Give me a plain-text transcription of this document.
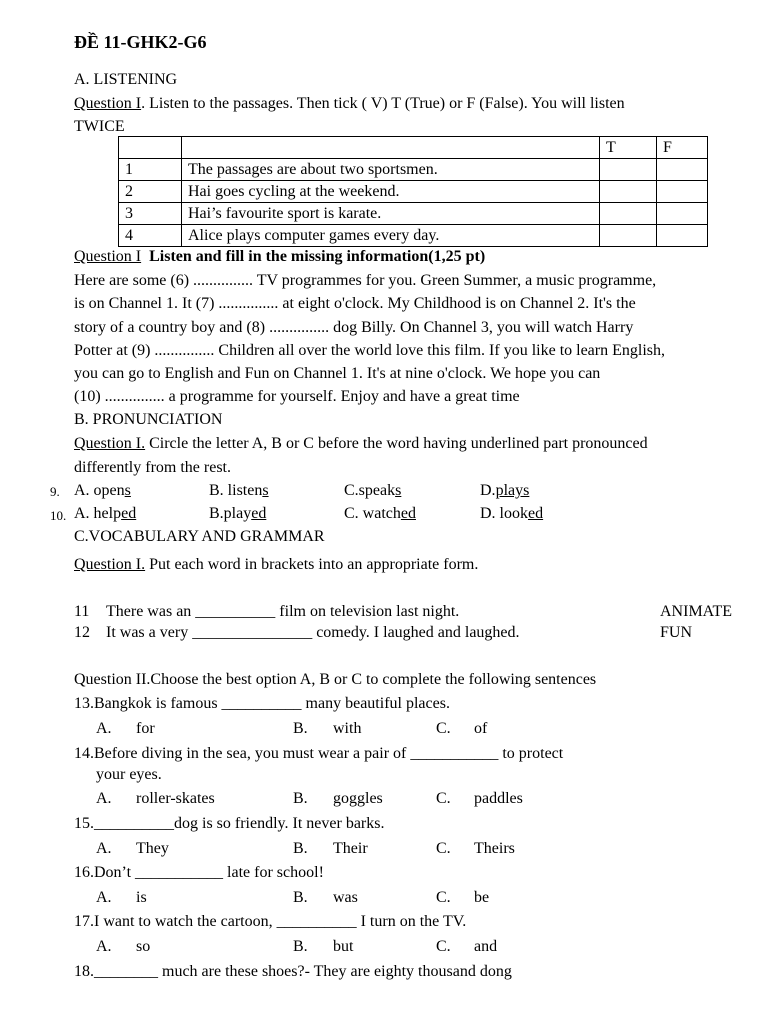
ĐỀ 11-GHK2-G6
A. LISTENING
Question I. Listen to the passages. Then tick ( V) T (True) or F (False). You will listen
TWICE
		T	F
1	The passages are about two sportsmen.		
2	Hai goes cycling at the weekend.		
3	Hai’s favourite sport is karate.		
4	Alice plays computer games every day.		
Question I Listen and fill in the missing information(1,25 pt)
Here are some (6) ............... TV programmes for you. Green Summer, a music programme,
is on Channel 1. It (7) ............... at eight o'clock. My Childhood is on Channel 2. It's the
story of a country boy and (8) ............... dog Billy. On Channel 3, you will watch Harry
Potter at (9) ............... Children all over the world love this film. If you like to learn English,
you can go to English and Fun on Channel 1. It's at nine o'clock. We hope you can
(10) ............... a programme for yourself. Enjoy and have a great time
B. PRONUNCIATION
Question I. Circle the letter A, B or C before the word having underlined part pronounced
differently from the rest.
9. A. opens	B. listens	C.speaks	D.plays
10. A. helped	B.played	C. watched	D. looked
C.VOCABULARY AND GRAMMAR
Question I. Put each word in brackets into an appropriate form.
11 There was an __________ film on television last night.	ANIMATE
12 It was a very _______________ comedy. I laughed and laughed.	FUN
Question II.Choose the best option A, B or C to complete the following sentences
13.Bangkok is famous __________ many beautiful places.
A. for	B. with	C. of
14.Before diving in the sea, you must wear a pair of ___________ to protect
your eyes.
A. roller-skates	B. goggles	C. paddles
15.__________dog is so friendly. It never barks.
A. They	B. Their	C. Theirs
16.Don’t ___________ late for school!
A. is	B. was	C. be
17.I want to watch the cartoon, __________ I turn on the TV.
A. so	B. but	C. and
18.________ much are these shoes?- They are eighty thousand dong
